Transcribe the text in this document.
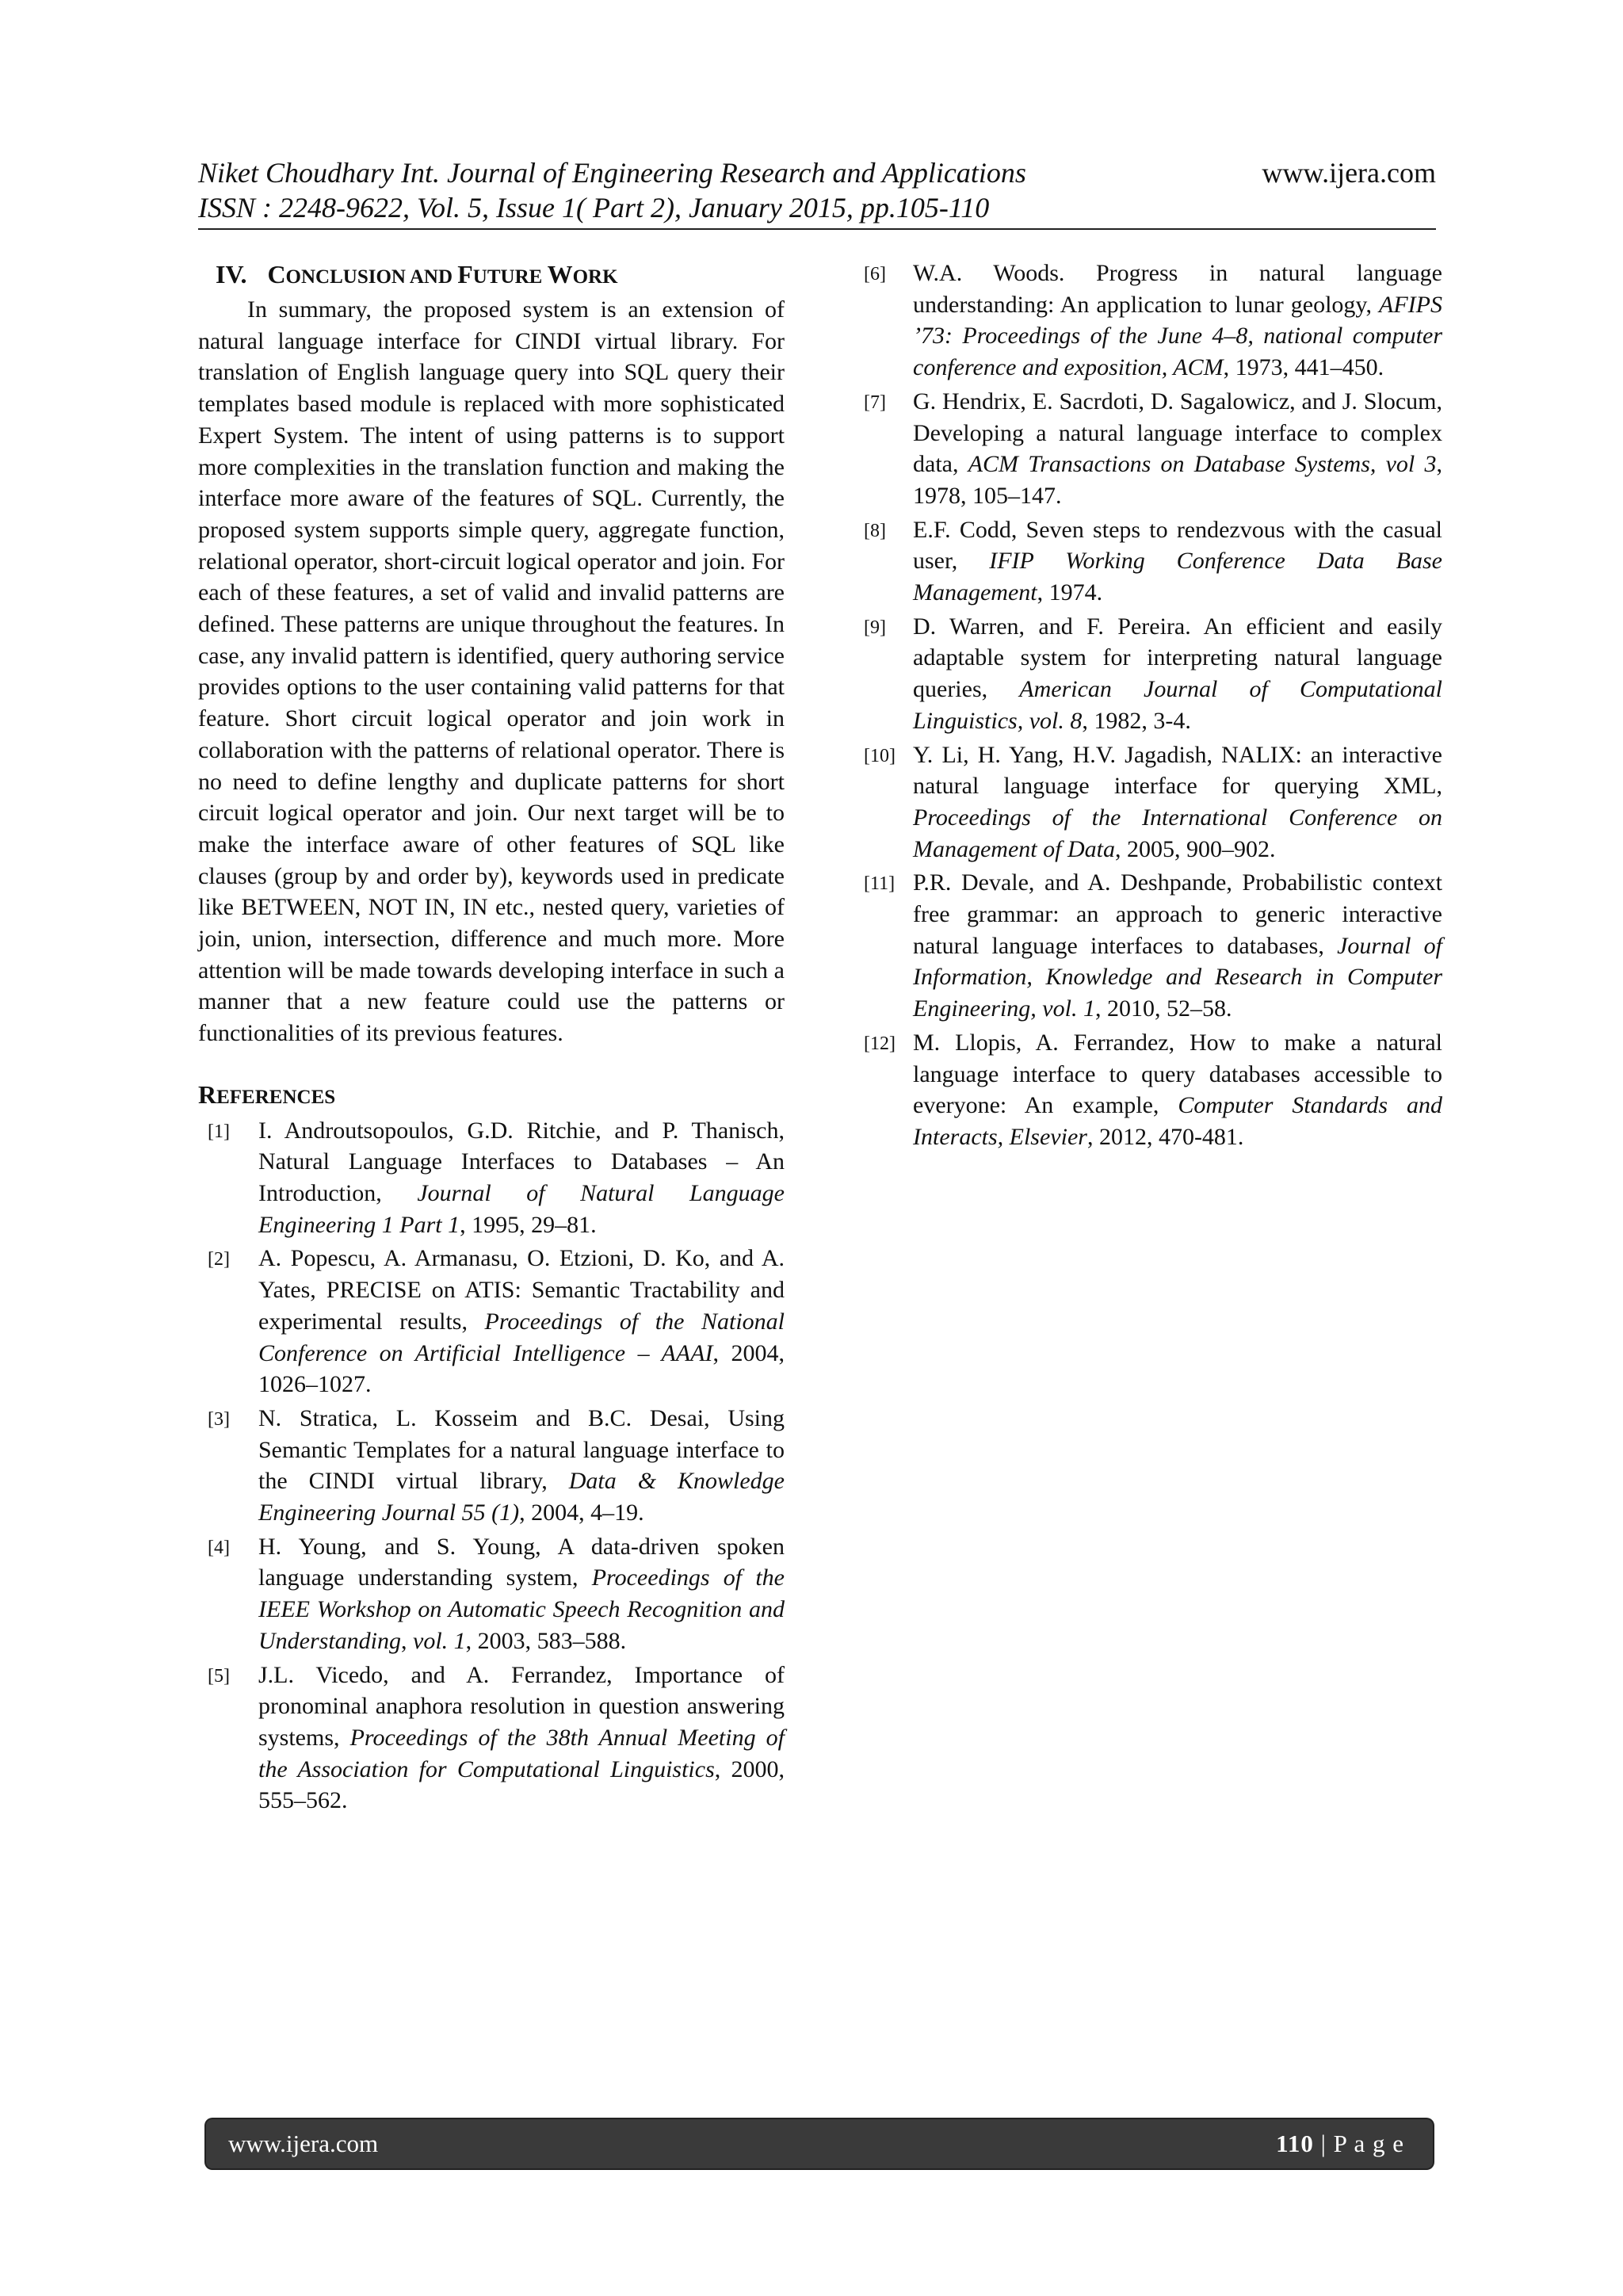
Niket Choudhary Int. Journal of Engineering Research and Applications
ISSN : 2248-9622, Vol. 5, Issue 1( Part 2), January 2015, pp.105-110
www.ijera.com
IV. CONCLUSION AND FUTURE WORK

In summary, the proposed system is an extension of natural language interface for CINDI virtual library. For translation of English language query into SQL query their templates based module is replaced with more sophisticated Expert System. The intent of using patterns is to support more complexities in the translation function and making the interface more aware of the features of SQL. Currently, the proposed system supports simple query, aggregate function, relational operator, short-circuit logical operator and join. For each of these features, a set of valid and invalid patterns are defined. These patterns are unique throughout the features. In case, any invalid pattern is identified, query authoring service provides options to the user containing valid patterns for that feature. Short circuit logical operator and join work in collaboration with the patterns of relational operator. There is no need to define lengthy and duplicate patterns for short circuit logical operator and join. Our next target will be to make the interface aware of other features of SQL like clauses (group by and order by), keywords used in predicate like BETWEEN, NOT IN, IN etc., nested query, varieties of join, union, intersection, difference and much more. More attention will be made towards developing interface in such a manner that a new feature could use the patterns or functionalities of its previous features.

REFERENCES
[1] I. Androutsopoulos, G.D. Ritchie, and P. Thanisch, Natural Language Interfaces to Databases – An Introduction, Journal of Natural Language Engineering 1 Part 1, 1995, 29–81.
[2] A. Popescu, A. Armanasu, O. Etzioni, D. Ko, and A. Yates, PRECISE on ATIS: Semantic Tractability and experimental results, Proceedings of the National Conference on Artificial Intelligence – AAAI, 2004, 1026–1027.
[3] N. Stratica, L. Kosseim and B.C. Desai, Using Semantic Templates for a natural language interface to the CINDI virtual library, Data & Knowledge Engineering Journal 55 (1), 2004, 4–19.
[4] H. Young, and S. Young, A data-driven spoken language understanding system, Proceedings of the IEEE Workshop on Automatic Speech Recognition and Understanding, vol. 1, 2003, 583–588.
[5] J.L. Vicedo, and A. Ferrandez, Importance of pronominal anaphora resolution in question answering systems, Proceedings of the 38th Annual Meeting of the Association for Computational Linguistics, 2000, 555–562.
[6] W.A. Woods. Progress in natural language understanding: An application to lunar geology, AFIPS ’73: Proceedings of the June 4–8, national computer conference and exposition, ACM, 1973, 441–450.
[7] G. Hendrix, E. Sacrdoti, D. Sagalowicz, and J. Slocum, Developing a natural language interface to complex data, ACM Transactions on Database Systems, vol 3, 1978, 105–147.
[8] E.F. Codd, Seven steps to rendezvous with the casual user, IFIP Working Conference Data Base Management, 1974.
[9] D. Warren, and F. Pereira. An efficient and easily adaptable system for interpreting natural language queries, American Journal of Computational Linguistics, vol. 8, 1982, 3-4.
[10] Y. Li, H. Yang, H.V. Jagadish, NALIX: an interactive natural language interface for querying XML, Proceedings of the International Conference on Management of Data, 2005, 900–902.
[11] P.R. Devale, and A. Deshpande, Probabilistic context free grammar: an approach to generic interactive natural language interfaces to databases, Journal of Information, Knowledge and Research in Computer Engineering, vol. 1, 2010, 52–58.
[12] M. Llopis, A. Ferrandez, How to make a natural language interface to query databases accessible to everyone: An example, Computer Standards and Interacts, Elsevier, 2012, 470-481.
www.ijera.com	110 | P a g e
